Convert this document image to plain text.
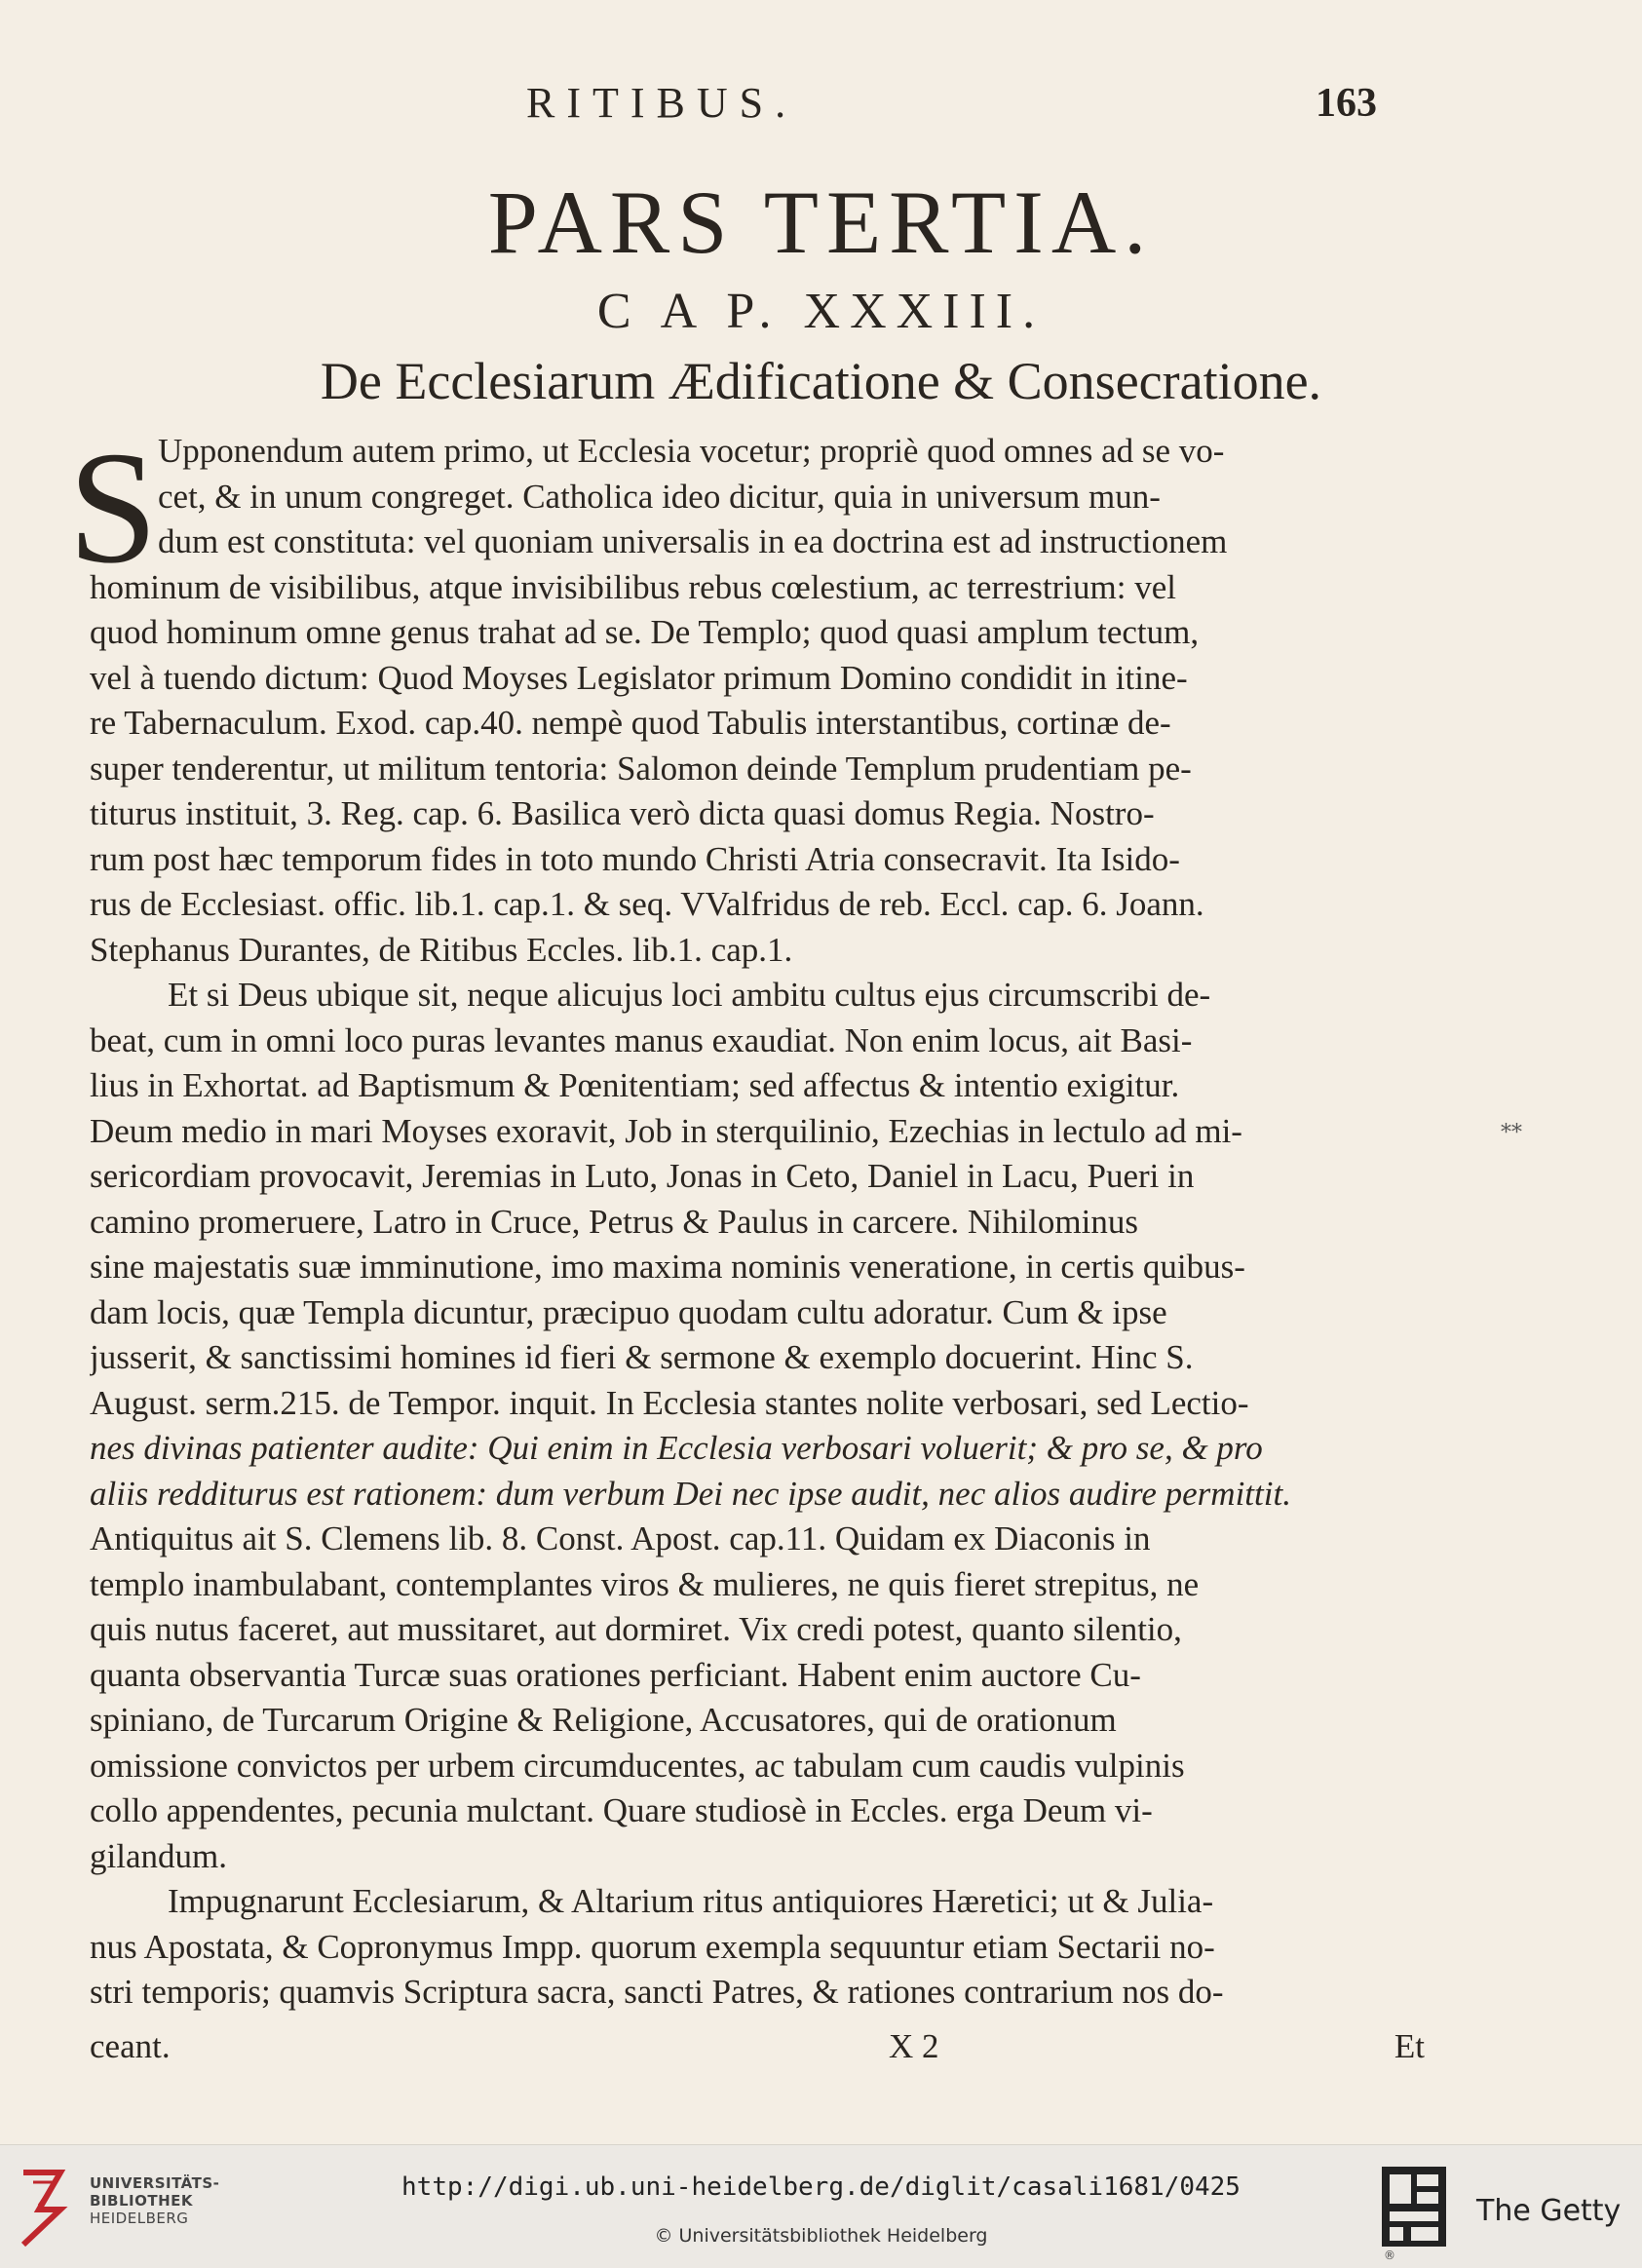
RITIBUS.	163
PARS TERTIA.
C A P. XXXIII.
De Ecclesiarum Ædificatione & Consecratione.
S Upponendum autem primo, ut Ecclesia vocetur; propriè quod omnes ad se vo-
cet, & in unum congreget. Catholica ideo dicitur, quia in universum mun-
dum est constituta: vel quoniam universalis in ea doctrina est ad instructionem
hominum de visibilibus, atque invisibilibus rebus cœlestium, ac terrestrium: vel
quod hominum omne genus trahat ad se. De Templo; quod quasi amplum tectum,
vel à tuendo dictum: Quod Moyses Legislator primum Domino condidit in itine-
re Tabernaculum. Exod. cap.40. nempè quod Tabulis interstantibus, cortinæ de-
super tenderentur, ut militum tentoria: Salomon deinde Templum prudentiam pe-
titurus instituit, 3. Reg. cap. 6. Basilica verò dicta quasi domus Regia. Nostro-
rum post hæc temporum fides in toto mundo Christi Atria consecravit. Ita Isido-
rus de Ecclesiast. offic. lib.1. cap.1. & seq. VValfridus de reb. Eccl. cap. 6. Joann.
Stephanus Durantes, de Ritibus Eccles. lib.1. cap.1.
Et si Deus ubique sit, neque alicujus loci ambitu cultus ejus circumscribi de-
beat, cum in omni loco puras levantes manus exaudiat. Non enim locus, ait Basi-
lius in Exhortat. ad Baptismum & Pœnitentiam; sed affectus & intentio exigitur.
Deum medio in mari Moyses exoravit, Job in sterquilinio, Ezechias in lectulo ad mi-
sericordiam provocavit, Jeremias in Luto, Jonas in Ceto, Daniel in Lacu, Pueri in
camino promeruere, Latro in Cruce, Petrus & Paulus in carcere. Nihilominus
sine majestatis suæ imminutione, imo maxima nominis veneratione, in certis quibus-
dam locis, quæ Templa dicuntur, præcipuo quodam cultu adoratur. Cum & ipse
jusserit, & sanctissimi homines id fieri & sermone & exemplo docuerint. Hinc S.
August. serm.215. de Tempor. inquit. In Ecclesia stantes nolite verbosari, sed Lectio-
nes divinas patienter audite: Qui enim in Ecclesia verbosari voluerit; & pro se, & pro
aliis redditurus est rationem: dum verbum Dei nec ipse audit, nec alios audire permittit.
Antiquitus ait S. Clemens lib. 8. Const. Apost. cap.11. Quidam ex Diaconis in
templo inambulabant, contemplantes viros & mulieres, ne quis fieret strepitus, ne
quis nutus faceret, aut mussitaret, aut dormiret. Vix credi potest, quanto silentio,
quanta observantia Turcæ suas orationes perficiant. Habent enim auctore Cu-
spiniano, de Turcarum Origine & Religione, Accusatores, qui de orationum
omissione convictos per urbem circumducentes, ac tabulam cum caudis vulpinis
collo appendentes, pecunia mulctant. Quare studiosè in Eccles. erga Deum vi-
gilandum.
Impugnarunt Ecclesiarum, & Altarium ritus antiquiores Hæretici; ut & Julia-
nus Apostata, & Copronymus Impp. quorum exempla sequuntur etiam Sectarii no-
stri temporis; quamvis Scriptura sacra, sancti Patres, & rationes contrarium nos do-
**
ceant.	X 2	Et
UNIVERSITÄTS-
BIBLIOTHEK
HEIDELBERG
http://digi.ub.uni-heidelberg.de/diglit/casali1681/0425
© Universitätsbibliothek Heidelberg
®
The Getty
